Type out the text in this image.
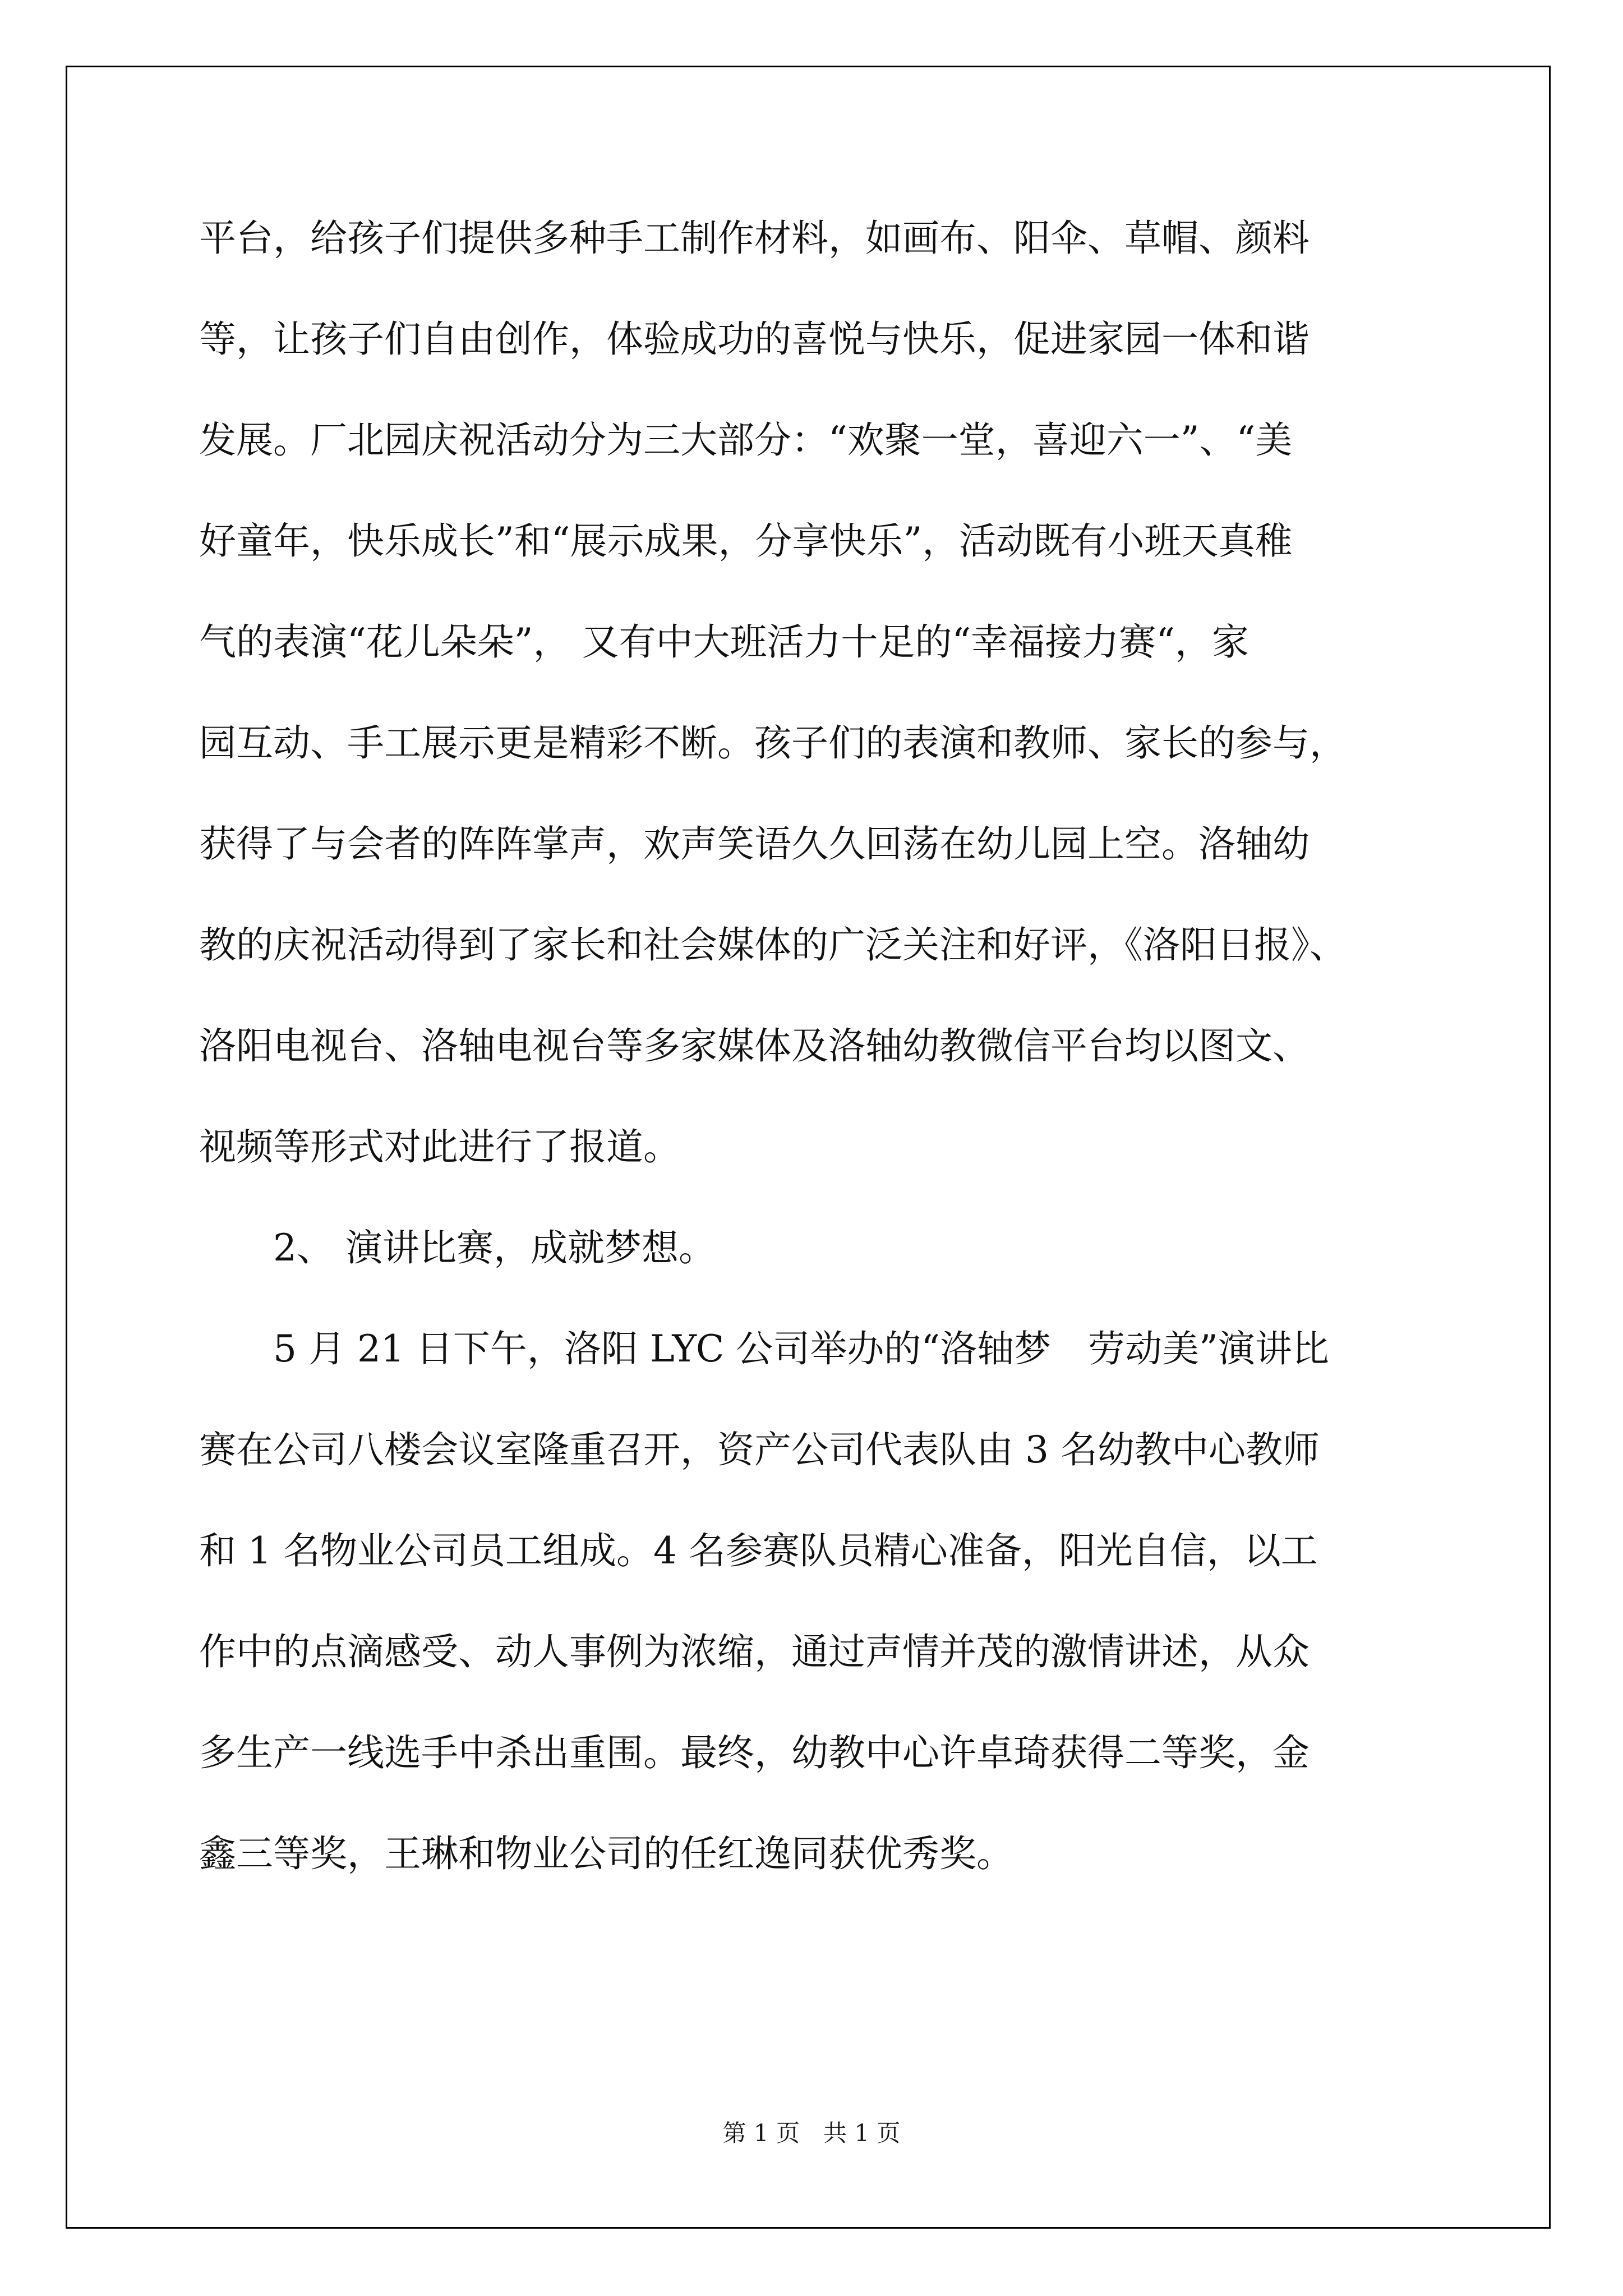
平台，给孩子们提供多种手工制作材料，如画布、阳伞、草帽、颜料
等，让孩子们自由创作，体验成功的喜悦与快乐，促进家园一体和谐
发展。厂北园庆祝活动分为三大部分：“欢聚一堂，喜迎六一”、“美
好童年，快乐成长”和“展示成果，分享快乐”，活动既有小班天真稚
气的表演“花儿朵朵”， 又有中大班活力十足的“幸福接力赛“，家
园互动、手工展示更是精彩不断。孩子们的表演和教师、家长的参与，
获得了与会者的阵阵掌声，欢声笑语久久回荡在幼儿园上空。洛轴幼
教的庆祝活动得到了家长和社会媒体的广泛关注和好评，《洛阳日报》、
洛阳电视台、洛轴电视台等多家媒体及洛轴幼教微信平台均以图文、
视频等形式对此进行了报道。
　　2、 演讲比赛，成就梦想。
　　5 月 21 日下午，洛阳 LYC 公司举办的“洛轴梦　劳动美”演讲比
赛在公司八楼会议室隆重召开，资产公司代表队由 3 名幼教中心教师
和 1 名物业公司员工组成。4 名参赛队员精心准备，阳光自信，以工
作中的点滴感受、动人事例为浓缩，通过声情并茂的激情讲述，从众
多生产一线选手中杀出重围。最终，幼教中心许卓琦获得二等奖，金
鑫三等奖，王琳和物业公司的任红逸同获优秀奖。
第 1 页　共 1 页
